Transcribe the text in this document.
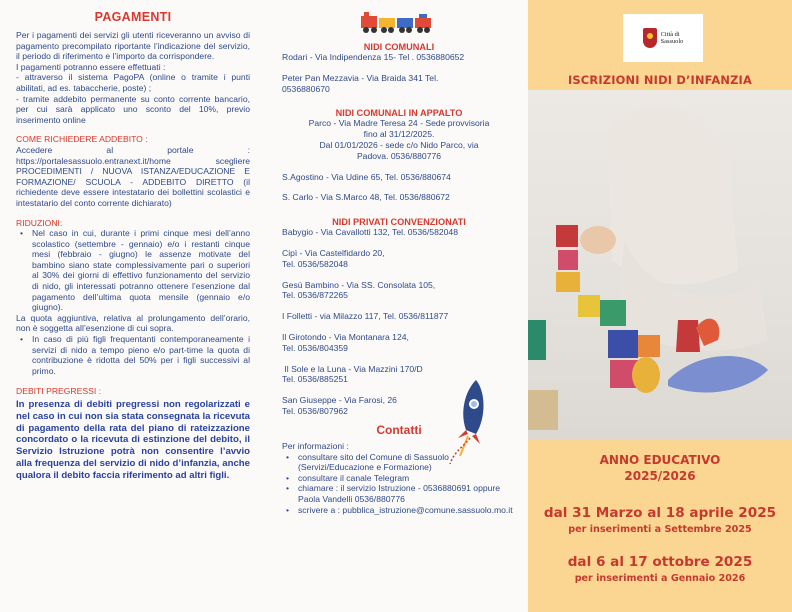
PAGAMENTI

Per i pagamenti dei servizi gli utenti riceveranno un avviso di pagamento precompilato riportante l’indicazione del servizio, il periodo di riferimento e l’importo da corrispondere.

I pagamenti potranno essere effettuati :

- attraverso il sistema PagoPA (online o tramite i punti abilitati, ad es. tabaccherie, poste) ;

- tramite addebito permanente su conto corrente bancario, per cui sarà applicato uno sconto del 10%, previo inserimento online

COME RICHIEDERE ADDEBITO :

Accedere al portale : https://portalesassuolo.entranext.it/home scegliere PROCEDIMENTI / NUOVA ISTANZA/EDUCAZIONE E FORMAZIONE/ SCUOLA - ADDEBITO DIRETTO (il richiedente deve essere intestatario dei bollettini scolastici e intestatario del conto corrente dichiarato)

RIDUZIONI:

• Nel caso in cui, durante i primi cinque mesi dell’anno scolastico (settembre - gennaio) e/o i restanti cinque mesi (febbraio - giugno) le assenze motivate del bambino siano state complessivamente pari o superiori al 30% dei giorni di effettivo funzionamento del servizio di nido, gli interessati potranno ottenere l’esenzione dal pagamento dell’ultima quota mensile (gennaio e/o giugno).

La quota aggiuntiva, relativa al prolungamento dell’orario, non è soggetta all’esenzione di cui sopra.

• In caso di più figli frequentanti contemporaneamente i servizi di nido a tempo pieno e/o part-time la quota di contribuzione è ridotta del 50% per i figli successivi al primo.

DEBITI PREGRESSI :

In presenza di debiti pregressi non regolarizzati e nel caso in cui non sia stata consegnata la ricevuta di pagamento della rata del piano di rateizzazione concordato o la ricevuta di estinzione del debito, il Servizio Istruzione potrà non consentire l’avvio alla frequenza del servizio di nido d’infanzia, anche qualora il debito faccia riferimento ad altri figli.

NIDI COMUNALI

Rodari - Via Indipendenza 15- Tel . 0536880652

Peter Pan Mezzavia - Via Braida 341 Tel.

0536880670

NIDI COMUNALI IN APPALTO

Parco - Via Madre Teresa 24 - Sede provvisoria

fino al 31/12/2025.

Dal 01/01/2026 - sede c/o Nido Parco, via

Padova. 0536/880776

S.Agostino - Via Udine 65, Tel. 0536/880674

S. Carlo - Via S.Marco 48, Tel. 0536/880672

NIDI PRIVATI CONVENZIONATI

Babygio - Via Cavallotti 132, Tel. 0536/582048

Cipì - Via Castelfidardo 20,

Tel. 0536/582048

Gesù Bambino - Via SS. Consolata 105,

Tel. 0536/872265

I Folletti - via Milazzo 117, Tel. 0536/811877

Il Girotondo - Via Montanara 124,

Tel. 0536/804359

Il Sole e la Luna - Via Mazzini 170/D

Tel. 0536/885251

San Giuseppe - Via Farosi, 26

Tel. 0536/807962

Contatti

Per informazioni :

• consultare sito del Comune di Sassuolo (Servizi/Educazione e Formazione)
• consultare il canale Telegram
• chiamare : il servizio Istruzione - 0536880691 oppure Paola Vandelli 0536/880776
• scrivere a : pubblica_istruzione@comune.sassuolo.mo.it
Città di
Sassuolo
ISCRIZIONI NIDI D’INFANZIA
ANNO EDUCATIVO
2025/2026
dal 31 Marzo al 18 aprile 2025
per inserimenti a Settembre 2025
dal 6 al 17 ottobre 2025
per inserimenti a Gennaio 2026
